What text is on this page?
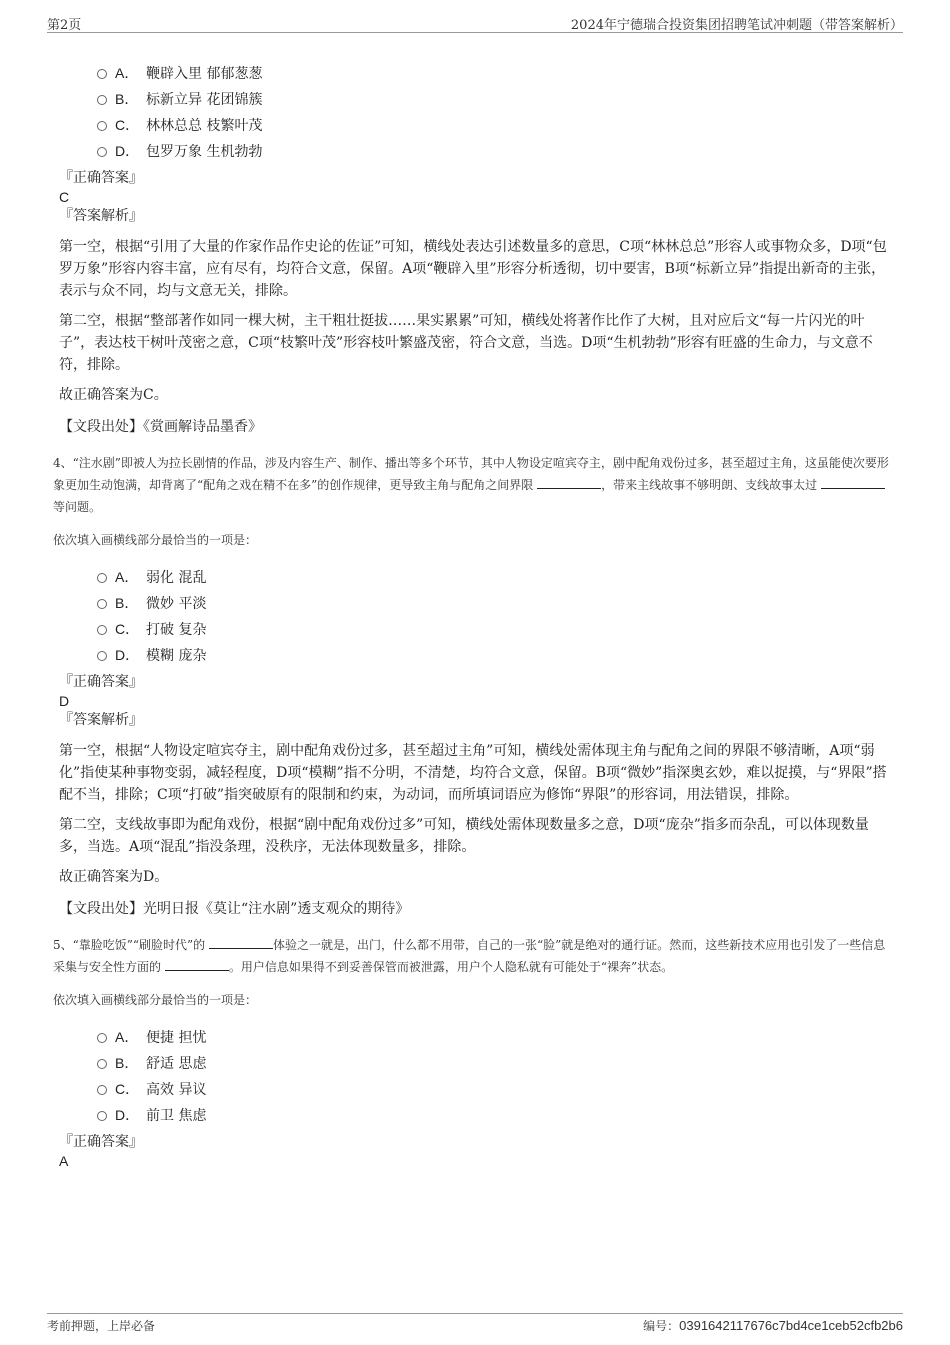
第2页	2024年宁德瑞合投资集团招聘笔试冲刺题（带答案解析）
A． 鞭辟入里 郁郁葱葱
B． 标新立异 花团锦簇
C． 林林总总 枝繁叶茂
D． 包罗万象 生机勃勃
『正确答案』
C
『答案解析』
第一空，根据“引用了大量的作家作品作史论的佐证”可知，横线处表达引述数量多的意思，C项“林林总总”形容人或事物众多，D项“包罗万象”形容内容丰富，应有尽有，均符合文意，保留。A项“鞭辟入里”形容分析透彻，切中要害，B项“标新立异”指提出新奇的主张，表示与众不同，均与文意无关，排除。
第二空，根据“整部著作如同一棵大树，主干粗壮挺拔……果实累累”可知，横线处将著作比作了大树，且对应后文“每一片闪光的叶子”，表达枝干树叶茂密之意，C项“枝繁叶茂”形容枝叶繁盛茂密，符合文意，当选。D项“生机勃勃”形容有旺盛的生命力，与文意不符，排除。
故正确答案为C。
【文段出处】《赏画解诗品墨香》
4、“注水剧”即被人为拉长剧情的作品，涉及内容生产、制作、播出等多个环节，其中人物设定喧宾夺主，剧中配角戏份过多，甚至超过主角，这虽能使次要形象更加生动饱满，却背离了“配角之戏在精不在多”的创作规律，更导致主角与配角之间界限	，带来主线故事不够明朗、支线故事太过 等问题。
依次填入画横线部分最恰当的一项是：
A． 弱化 混乱
B． 微妙 平淡
C． 打破 复杂
D． 模糊 庞杂
『正确答案』
D
『答案解析』
第一空，根据“人物设定喧宾夺主，剧中配角戏份过多，甚至超过主角”可知，横线处需体现主角与配角之间的界限不够清晰，A项“弱化”指使某种事物变弱，减轻程度，D项“模糊”指不分明，不清楚，均符合文意，保留。B项“微妙”指深奥玄妙，难以捉摸，与“界限”搭配不当，排除；C项“打破”指突破原有的限制和约束，为动词，而所填词语应为修饰“界限”的形容词，用法错误，排除。
第二空，支线故事即为配角戏份，根据“剧中配角戏份过多”可知，横线处需体现数量多之意，D项“庞杂”指多而杂乱，可以体现数量多，当选。A项“混乱”指没条理，没秩序，无法体现数量多，排除。
故正确答案为D。
【文段出处】光明日报《莫让“注水剧”透支观众的期待》
5、“靠脸吃饭”“刷脸时代”的	体验之一就是，出门，什么都不用带，自己的一张“脸”就是绝对的通行证。然而，这些新技术应用也引发了一些信息采集与安全性方面的	。用户信息如果得不到妥善保管而被泄露，用户个人隐私就有可能处于“裸奔”状态。
依次填入画横线部分最恰当的一项是：
A． 便捷 担忧
B． 舒适 思虑
C． 高效 异议
D． 前卫 焦虑
『正确答案』
A
考前押题，上岸必备	编号：0391642117676c7bd4ce1ceb52cfb2b6
